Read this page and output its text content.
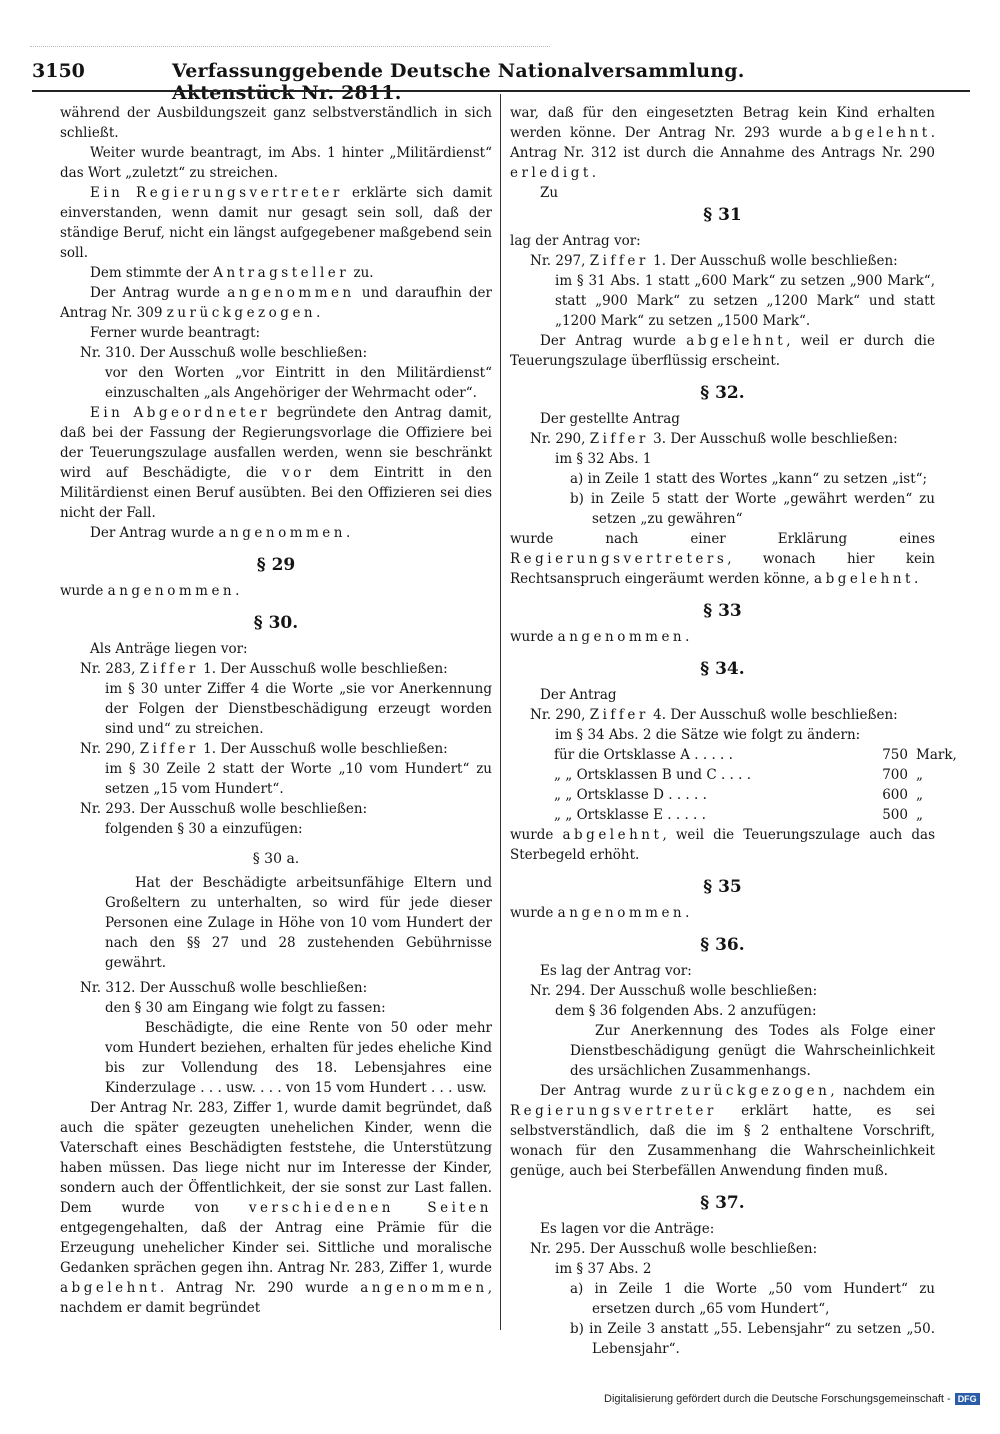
3150	Verfassunggebende Deutsche Nationalversammlung. Aktenstück Nr. 2811.

während der Ausbildungszeit ganz selbstverständlich in sich schließt.

Weiter wurde beantragt, im Abs. 1 hinter „Militärdienst“ das Wort „zuletzt“ zu streichen.

Ein Regierungsvertreter erklärte sich damit einverstanden, wenn damit nur gesagt sein soll, daß der ständige Beruf, nicht ein längst aufgegebener maßgebend sein soll.

Dem stimmte der Antragsteller zu.

Der Antrag wurde angenommen und daraufhin der Antrag Nr. 309 zurückgezogen.

Ferner wurde beantragt:

Nr. 310. Der Ausschuß wolle beschließen:

vor den Worten „vor Eintritt in den Militärdienst“ einzuschalten „als Angehöriger der Wehrmacht oder“.

Ein Abgeordneter begründete den Antrag damit, daß bei der Fassung der Regierungsvorlage die Offiziere bei der Teuerungszulage ausfallen werden, wenn sie beschränkt wird auf Beschädigte, die vor dem Eintritt in den Militärdienst einen Beruf ausübten. Bei den Offizieren sei dies nicht der Fall.

Der Antrag wurde angenommen.

§ 29

wurde angenommen.

§ 30.

Als Anträge liegen vor:

Nr. 283, Ziffer 1. Der Ausschuß wolle beschließen:

im § 30 unter Ziffer 4 die Worte „sie vor Anerkennung der Folgen der Dienstbeschädigung erzeugt worden sind und“ zu streichen.

Nr. 290, Ziffer 1. Der Ausschuß wolle beschließen:

im § 30 Zeile 2 statt der Worte „10 vom Hundert“ zu setzen „15 vom Hundert“.

Nr. 293. Der Ausschuß wolle beschließen:

folgenden § 30 a einzufügen:

§ 30 a.

Hat der Beschädigte arbeitsunfähige Eltern und Großeltern zu unterhalten, so wird für jede dieser Personen eine Zulage in Höhe von 10 vom Hundert der nach den §§ 27 und 28 zustehenden Gebührnisse gewährt.

Nr. 312. Der Ausschuß wolle beschließen:

den § 30 am Eingang wie folgt zu fassen:

Beschädigte, die eine Rente von 50 oder mehr vom Hundert beziehen, erhalten für jedes eheliche Kind bis zur Vollendung des 18. Lebensjahres eine Kinderzulage . . . usw. . . . von 15 vom Hundert . . . usw.

Der Antrag Nr. 283, Ziffer 1, wurde damit begründet, daß auch die später gezeugten unehelichen Kinder, wenn die Vaterschaft eines Beschädigten feststehe, die Unterstützung haben müssen. Das liege nicht nur im Interesse der Kinder, sondern auch der Öffentlichkeit, der sie sonst zur Last fallen. Dem wurde von verschiedenen Seiten entgegengehalten, daß der Antrag eine Prämie für die Erzeugung unehelicher Kinder sei. Sittliche und moralische Gedanken sprächen gegen ihn. Antrag Nr. 283, Ziffer 1, wurde abgelehnt. Antrag Nr. 290 wurde angenommen, nachdem er damit begründet

war, daß für den eingesetzten Betrag kein Kind erhalten werden könne. Der Antrag Nr. 293 wurde abgelehnt. Antrag Nr. 312 ist durch die Annahme des Antrags Nr. 290 erledigt.

Zu

§ 31

lag der Antrag vor:

Nr. 297, Ziffer 1. Der Ausschuß wolle beschließen:

im § 31 Abs. 1 statt „600 Mark“ zu setzen „900 Mark“, statt „900 Mark“ zu setzen „1200 Mark“ und statt „1200 Mark“ zu setzen „1500 Mark“.

Der Antrag wurde abgelehnt, weil er durch die Teuerungszulage überflüssig erscheint.

§ 32.

Der gestellte Antrag

Nr. 290, Ziffer 3. Der Ausschuß wolle beschließen:

im § 32 Abs. 1

a) in Zeile 1 statt des Wortes „kann“ zu setzen „ist“;

b) in Zeile 5 statt der Worte „gewährt werden“ zu setzen „zu gewähren“

wurde nach einer Erklärung eines Regierungsvertreters, wonach hier kein Rechtsanspruch eingeräumt werden könne, abgelehnt.

§ 33

wurde angenommen.

§ 34.

Der Antrag

Nr. 290, Ziffer 4. Der Ausschuß wolle beschließen:

im § 34 Abs. 2 die Sätze wie folgt zu ändern:

für die Ortsklasse A . . . . .	750	Mark,
„ „ Ortsklassen B und C . . . .	700	„
„ „ Ortsklasse D . . . . .	600	„
„ „ Ortsklasse E . . . . .	500	„

wurde abgelehnt, weil die Teuerungszulage auch das Sterbegeld erhöht.

§ 35

wurde angenommen.

§ 36.

Es lag der Antrag vor:

Nr. 294. Der Ausschuß wolle beschließen:

dem § 36 folgenden Abs. 2 anzufügen:

Zur Anerkennung des Todes als Folge einer Dienstbeschädigung genügt die Wahrscheinlichkeit des ursächlichen Zusammenhangs.

Der Antrag wurde zurückgezogen, nachdem ein Regierungsvertreter erklärt hatte, es sei selbstverständlich, daß die im § 2 enthaltene Vorschrift, wonach für den Zusammenhang die Wahrscheinlichkeit genüge, auch bei Sterbefällen Anwendung finden muß.

§ 37.

Es lagen vor die Anträge:

Nr. 295. Der Ausschuß wolle beschließen:

im § 37 Abs. 2

a) in Zeile 1 die Worte „50 vom Hundert“ zu ersetzen durch „65 vom Hundert“,

b) in Zeile 3 anstatt „55. Lebensjahr“ zu setzen „50. Lebensjahr“.

Digitalisierung gefördert durch die Deutsche Forschungsgemeinschaft - DFG
